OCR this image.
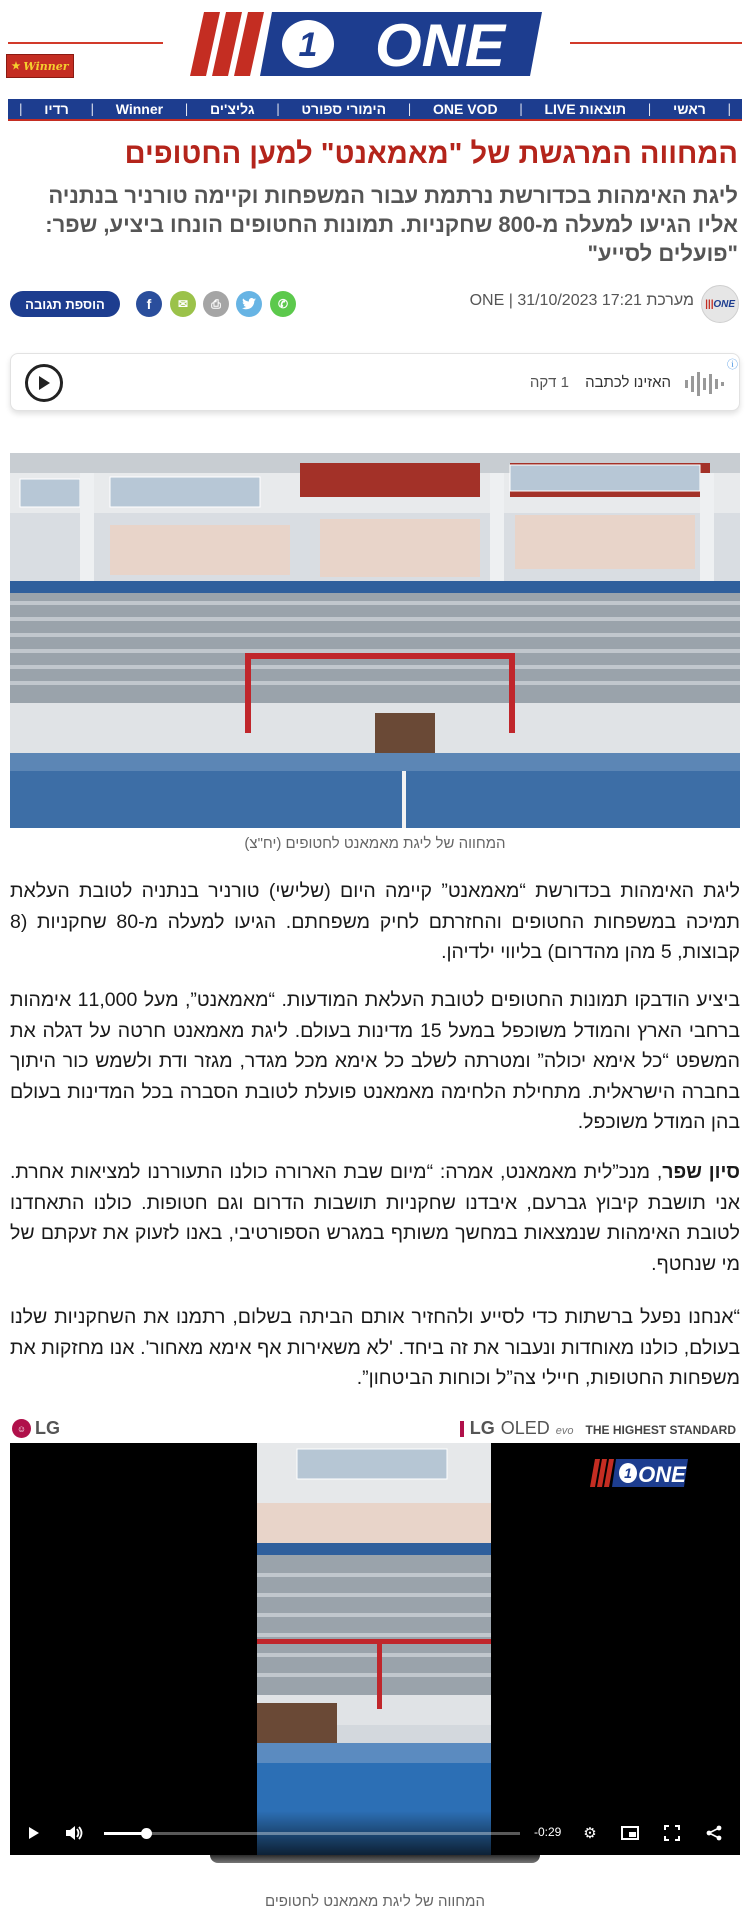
1 ONE
★ Winner
|
ראשי
|
תוצאות LIVE
|
ONE VOD
|
הימורי ספורט
|
גליצ'ים
|
Winner
|
רדיו
|
המחווה המרגשת של "מאמאנט" למען החטופים
ליגת האימהות בכדורשת נרתמת עבור המשפחות וקיימה טורניר בנתניה אליו הגיעו למעלה מ-800 שחקניות. תמונות החטופים הונחו ביציע, שפר: "פועלים לסייע"
|||ONE
מערכת ONE | 31/10/2023 17:21
הוספת תגובה	f	✉	⎙	✆
ⓘ
האזינו לכתבה
1 דקה
המחווה של ליגת מאמאנט לחטופים (יח"צ)

ליגת האימהות בכדורשת “מאמאנט” קיימה היום (שלישי) טורניר בנתניה לטובת העלאת תמיכה במשפחות החטופים והחזרתם לחיק משפחתם. הגיעו למעלה מ-80 שחקניות (8 קבוצות, 5 מהן מהדרום) בליווי ילדיהן.

ביציע הודבקו תמונות החטופים לטובת העלאת המודעות. “מאמאנט”, מעל 11,000 אימהות ברחבי הארץ והמודל משוכפל במעל 15 מדינות בעולם. ליגת מאמאנט חרטה על דגלה את המשפט “כל אימא יכולה” ומטרתה לשלב כל אימא מכל מגדר, מגזר ודת ולשמש כור היתוך בחברה הישראלית. מתחילת הלחימה מאמאנט פועלת לטובת הסברה בכל המדינות בעולם בהן המודל משוכפל.

סיון שפר, מנכ”לית מאמאנט, אמרה: “מיום שבת הארורה כולנו התעוררנו למציאות אחרת. אני תושבת קיבוץ גברעם, איבדנו שחקניות תושבות הדרום וגם חטופות. כולנו התאחדנו לטובת האימהות שנמצאות במחשך משותף במגרש הספורטיבי, באנו לזעוק את זעקתם של מי שנחטף.

“אנחנו נפעל ברשתות כדי לסייע ולהחזיר אותם הביתה בשלום, רתמנו את השחקניות שלנו בעולם, כולנו מאוחדות ונעבור את זה ביחד. 'לא משאירות אף אימא מאחור'. אנו מחזקות את משפחות החטופות, חיילי צה”ל וכוחות הביטחון”.

☺ LG	LG OLED evo THE HIGHEST STANDARD
1 ONE
-0:29 ⚙
המחווה של ליגת מאמאנט לחטופים
